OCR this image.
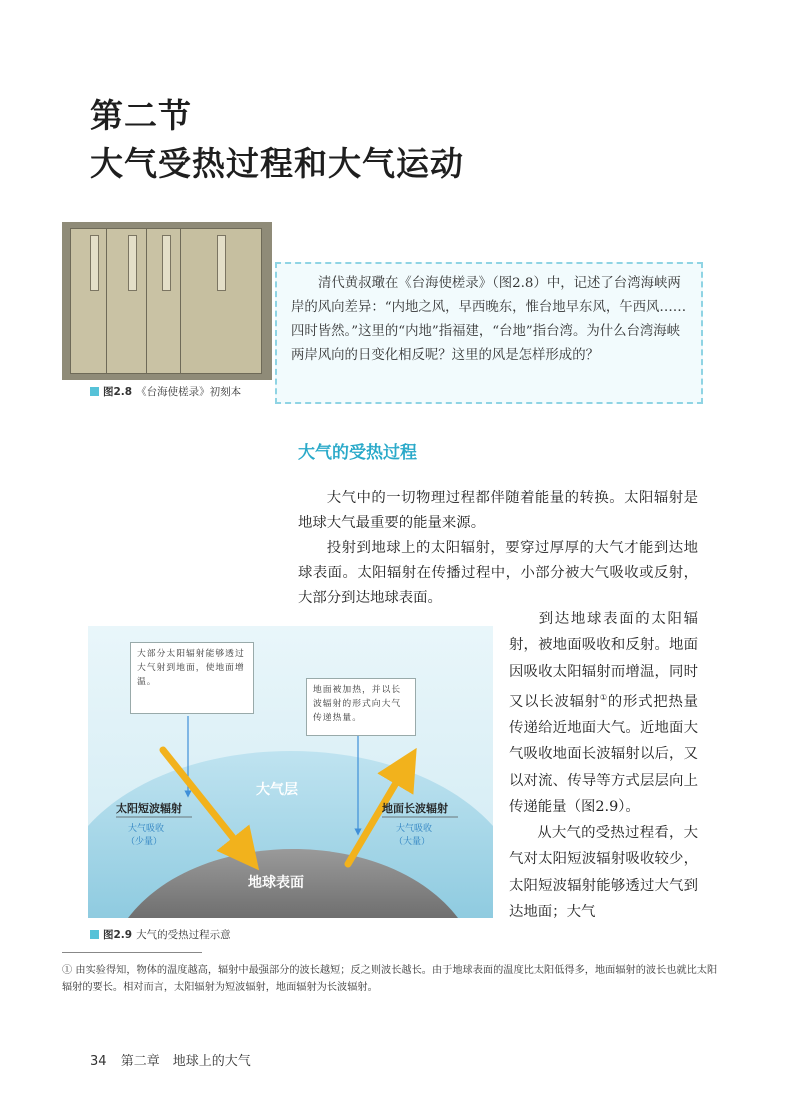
第二节
大气受热过程和大气运动
图2.8 《台海使槎录》初刻本

清代黄叔璥在《台海使槎录》（图2.8）中，记述了台湾海峡两岸的风向差异：“内地之风，早西晚东，惟台地早东风，午西风……四时皆然。”这里的“内地”指福建，“台地”指台湾。为什么台湾海峡两岸风向的日变化相反呢？这里的风是怎样形成的？

大气的受热过程

大气中的一切物理过程都伴随着能量的转换。太阳辐射是地球大气最重要的能量来源。

投射到地球上的太阳辐射，要穿过厚厚的大气才能到达地球表面。太阳辐射在传播过程中，小部分被大气吸收或反射，大部分到达地球表面。

大气层
地球表面
太阳短波辐射
大气吸收
（少量）
地面长波辐射
大气吸收
（大量）
大部分太阳辐射能够透过大气射到地面，使地面增温。
地面被加热，并以长波辐射的形式向大气传递热量。
图2.9 大气的受热过程示意
到达地球表面的太阳辐射，被地面吸收和反射。地面因吸收太阳辐射而增温，同时又以长波辐射①的形式把热量传递给近地面大气。近地面大气吸收地面长波辐射以后，又以对流、传导等方式层层向上传递能量（图2.9）。
从大气的受热过程看，大气对太阳短波辐射吸收较少，太阳短波辐射能够透过大气到达地面；大气

① 由实验得知，物体的温度越高，辐射中最强部分的波长越短；反之则波长越长。由于地球表面的温度比太阳低得多，地面辐射的波长也就比太阳辐射的要长。相对而言，太阳辐射为短波辐射，地面辐射为长波辐射。

34 第二章　地球上的大气
